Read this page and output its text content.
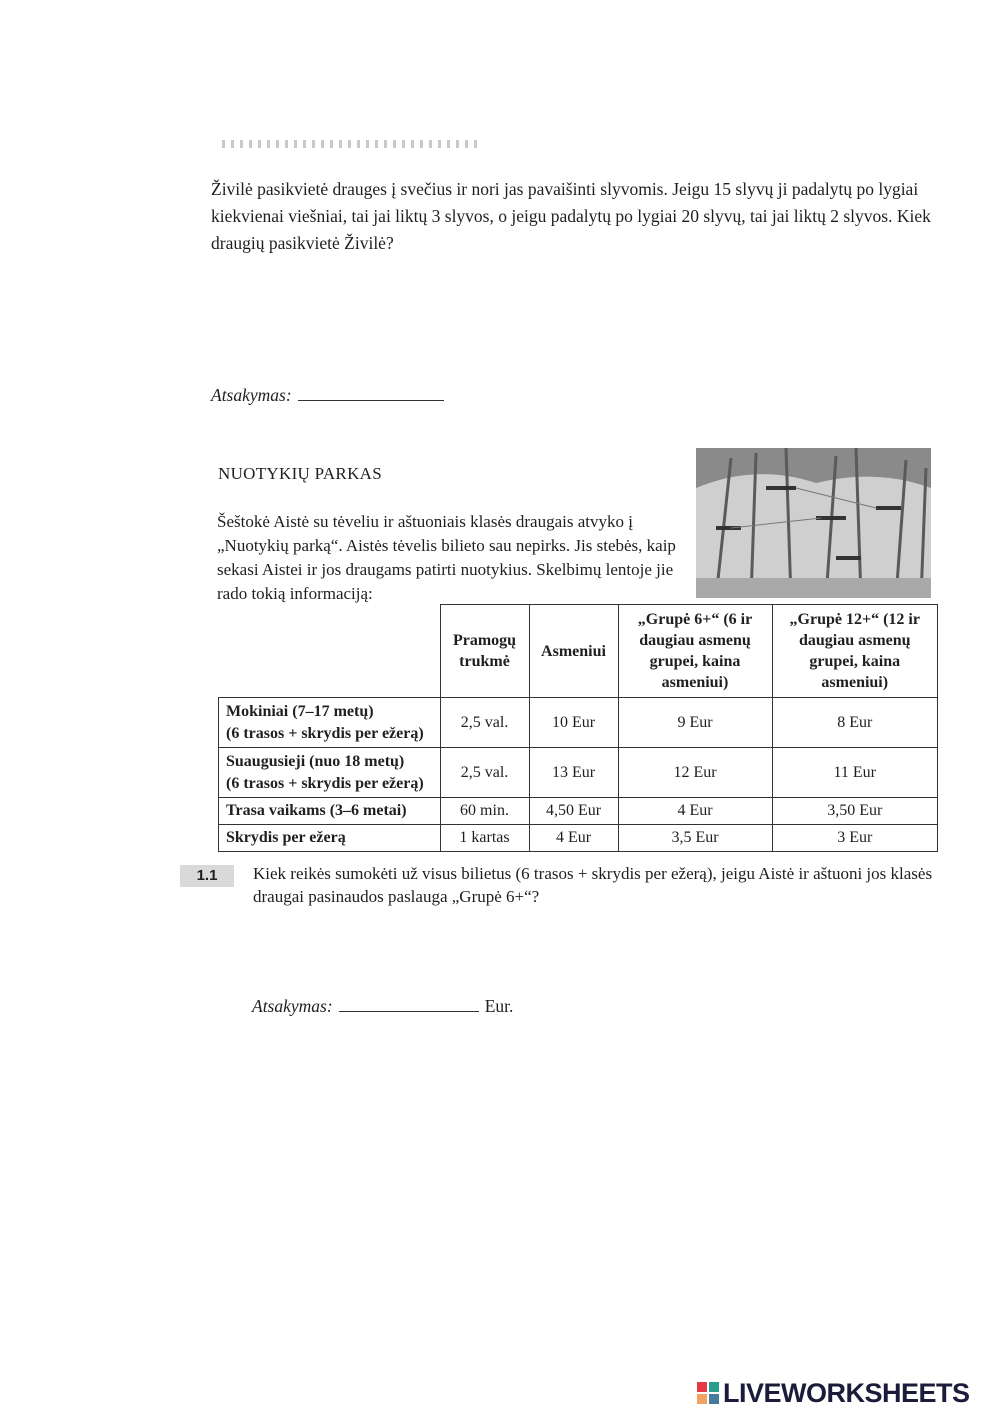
Živilė pasikvietė drauges į svečius ir nori jas pavaišinti slyvomis. Jeigu 15 slyvų ji padalytų po lygiai kiekvienai viešniai, tai jai liktų 3 slyvos, o jeigu padalytų po lygiai 20 slyvų, tai jai liktų 2 slyvos. Kiek draugių pasikvietė Živilė?

Atsakymas:
NUOTYKIŲ PARKAS

Šeštokė Aistė su tėveliu ir aštuoniais klasės draugais atvyko į „Nuotykių parką“. Aistės tėvelis bilieto sau nepirks. Jis stebės, kaip sekasi Aistei ir jos draugams patirti nuotykius. Skelbimų lentoje jie rado tokią informaciją:

	Pramogų trukmė	Asmeniui	„Grupė 6+“ (6 ir daugiau asmenų grupei, kaina asmeniui)	„Grupė 12+“ (12 ir daugiau asmenų grupei, kaina asmeniui)

Mokiniai (7–17 metų)
(6 trasos + skrydis per ežerą)	2,5 val.	10 Eur	9 Eur	8 Eur

Suaugusieji (nuo 18 metų)
(6 trasos + skrydis per ežerą)	2,5 val.	13 Eur	12 Eur	11 Eur
Trasa vaikams (3–6 metai)	60 min.	4,50 Eur	4 Eur	3,50 Eur
Skrydis per ežerą	1 kartas	4 Eur	3,5 Eur	3 Eur
1.1	Kiek reikės sumokėti už visus bilietus (6 trasos + skrydis per ežerą), jeigu Aistė ir aštuoni jos klasės draugai pasinaudos paslauga „Grupė 6+“?

Atsakymas:	Eur.
LIVEWORKSHEETS
